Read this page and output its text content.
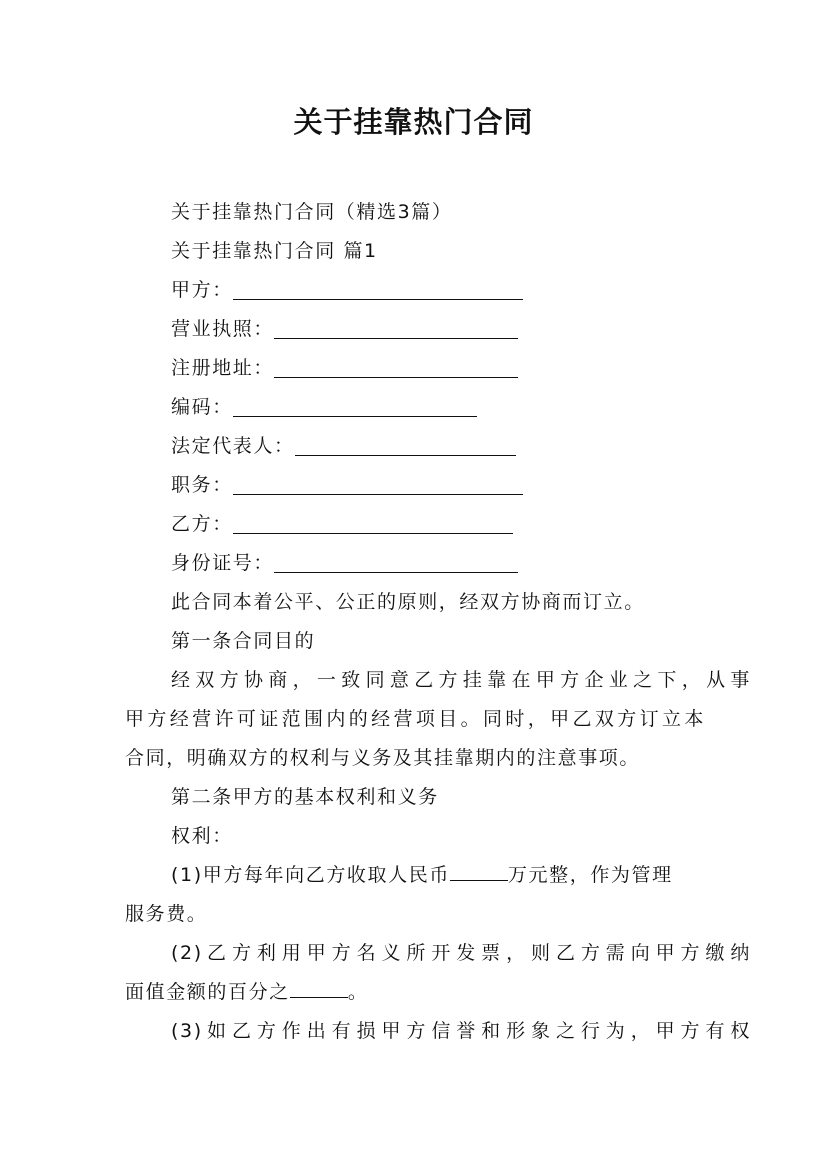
关于挂靠热门合同
关于挂靠热门合同（精选3篇）
关于挂靠热门合同 篇1
甲方：
营业执照：
注册地址：
编码：
法定代表人：
职务：
乙方：
身份证号：
此合同本着公平、公正的原则，经双方协商而订立。
第一条合同目的
经双方协商，一致同意乙方挂靠在甲方企业之下，从事
甲方经营许可证范围内的经营项目。同时，甲乙双方订立本
合同，明确双方的权利与义务及其挂靠期内的注意事项。
第二条甲方的基本权利和义务
权利：
(1)甲方每年向乙方收取人民币	万元整，作为管理
服务费。
(2)乙方利用甲方名义所开发票，则乙方需向甲方缴纳
面值金额的百分之	。
(3)如乙方作出有损甲方信誉和形象之行为，甲方有权
